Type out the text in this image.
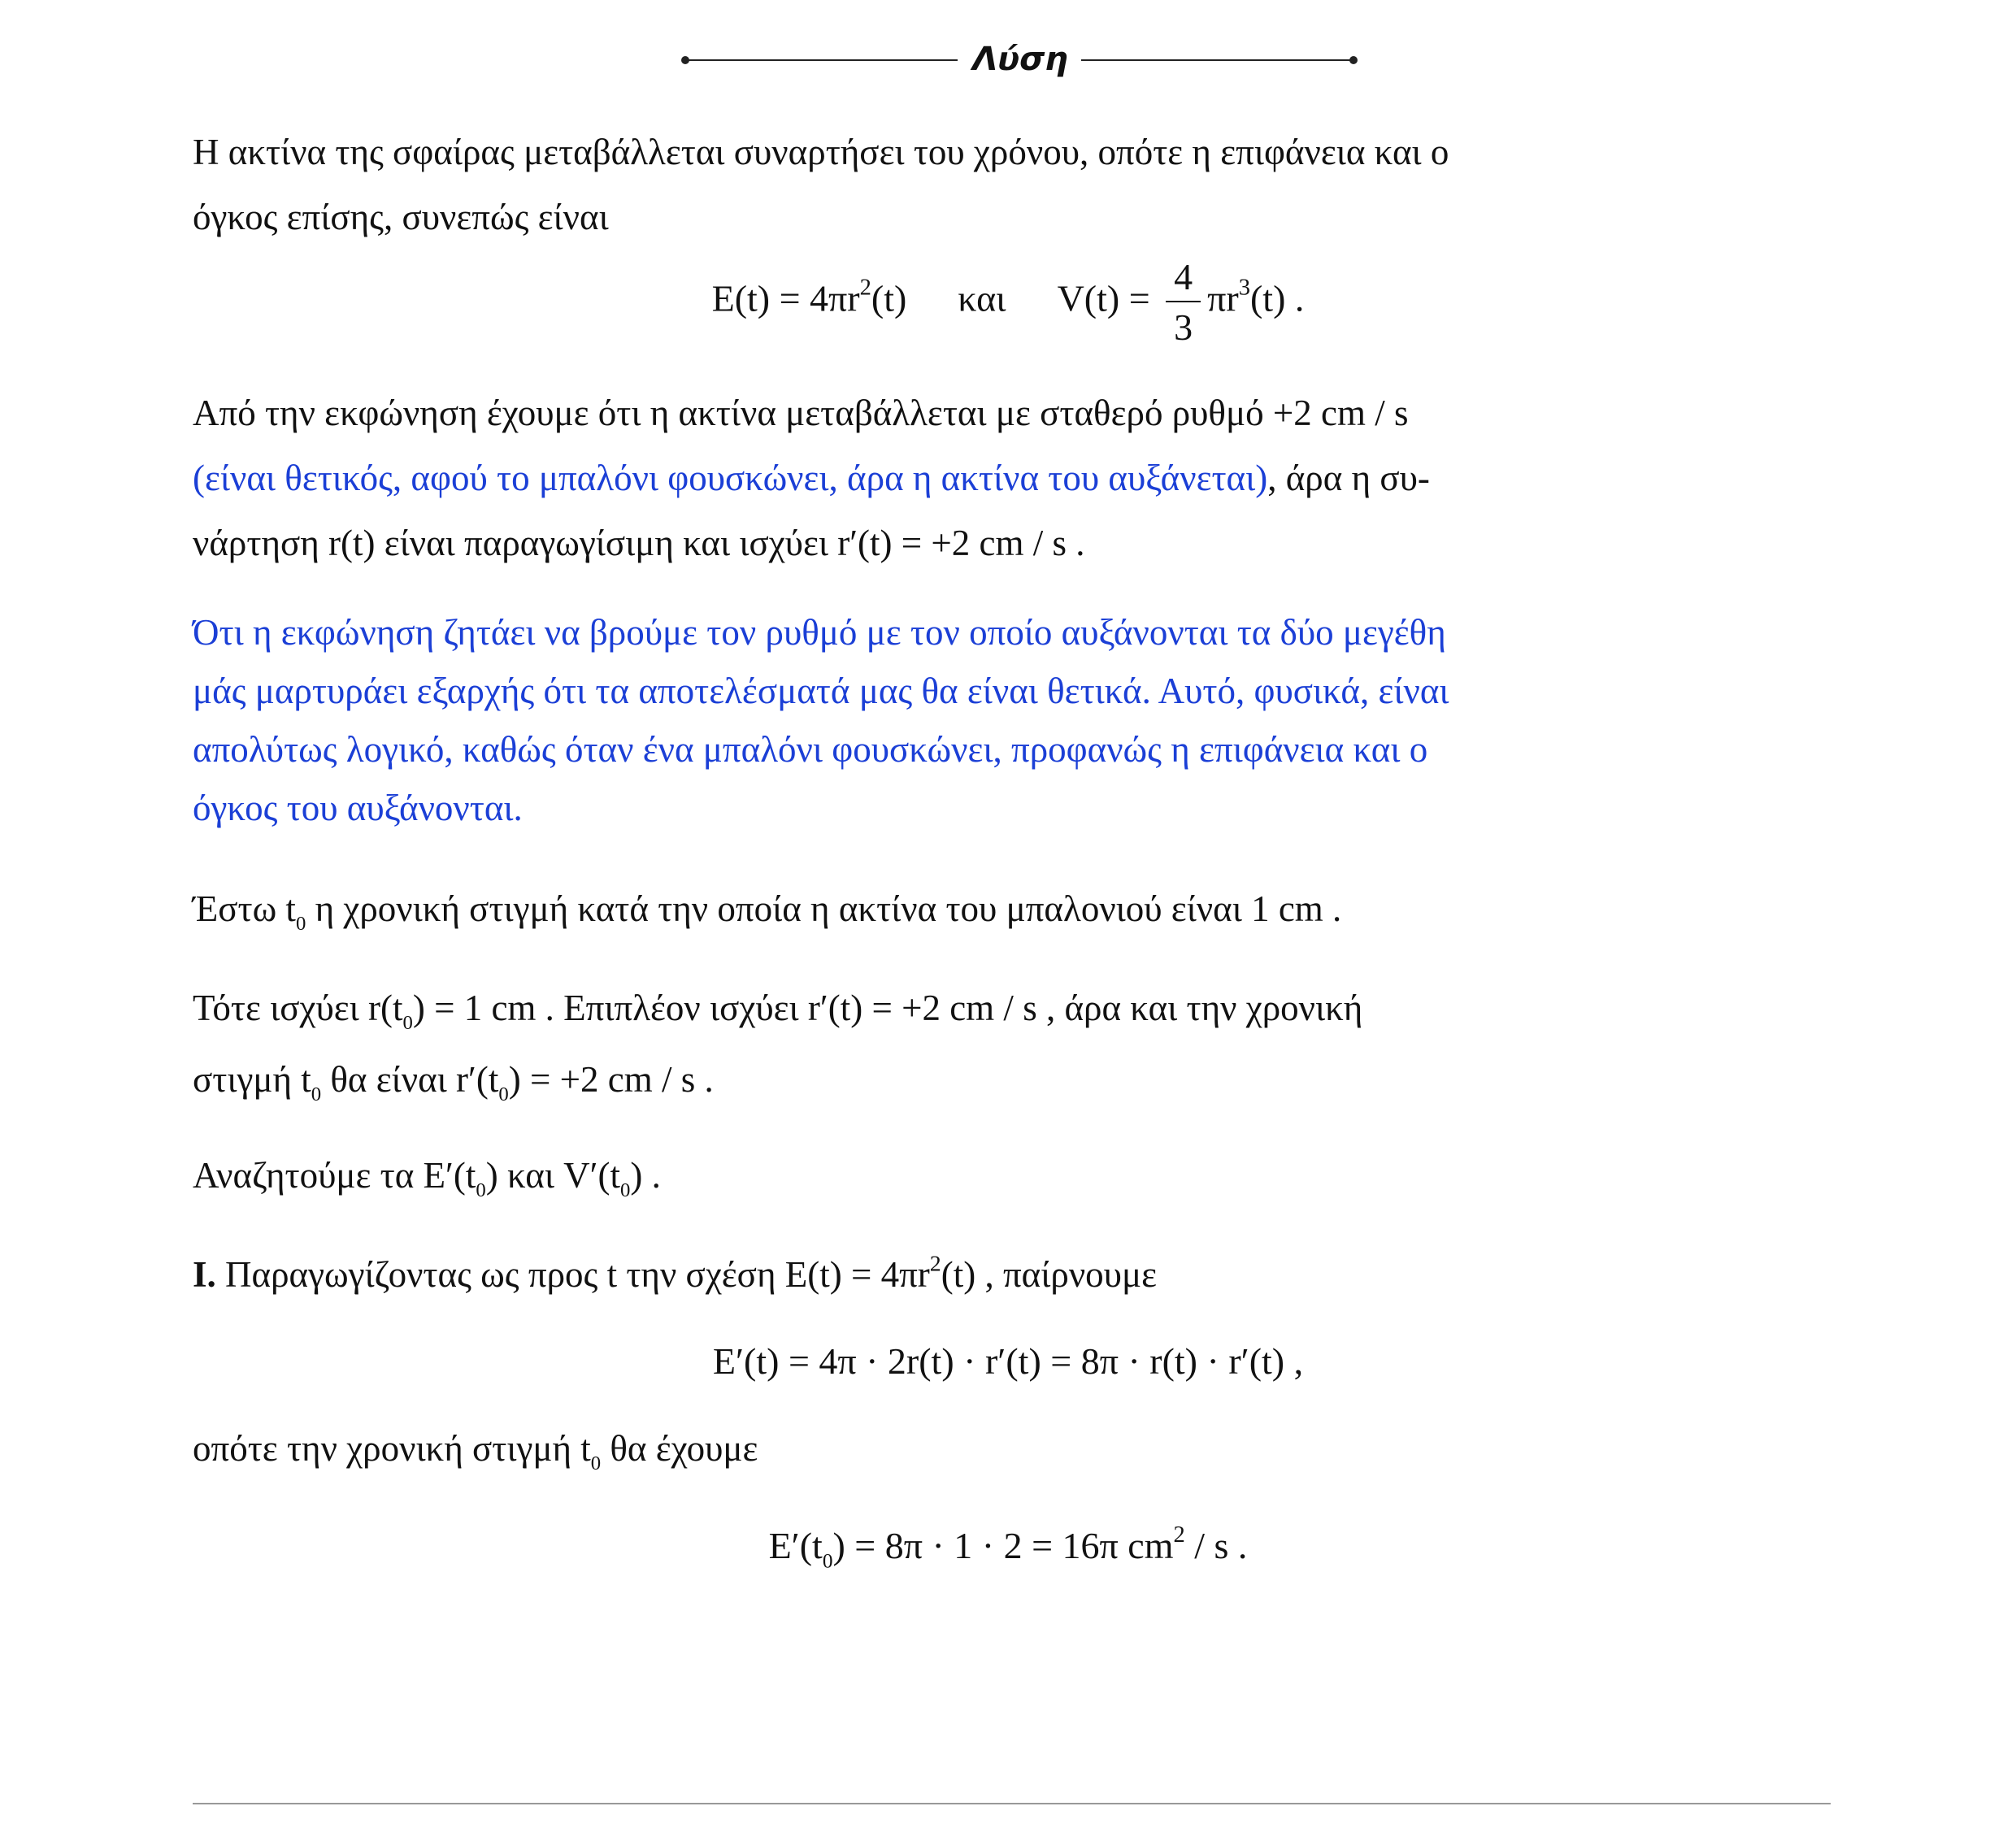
Λύση
Η ακτίνα της σφαίρας μεταβάλλεται συναρτήσει του χρόνου, οπότε η επιφάνεια και ο
όγκος επίσης, συνεπώς είναι
$E(t) = 4\pi r^2(t)$ και $V(t) = \frac{4}{3} \pi r^3(t)$ .
Από την εκφώνηση έχουμε ότι η ακτίνα μεταβάλλεται με σταθερό ρυθμό +2 cm / s
(είναι θετικός, αφού το μπαλόνι φουσκώνει, άρα η ακτίνα του αυξάνεται), άρα η συ-
νάρτηση r(t) είναι παραγωγίσιμη και ισχύει r′(t) = +2 cm / s .
Ότι η εκφώνηση ζητάει να βρούμε τον ρυθμό με τον οποίο αυξάνονται τα δύο μεγέθη
μάς μαρτυράει εξαρχής ότι τα αποτελέσματά μας θα είναι θετικά. Αυτό, φυσικά, είναι
απολύτως λογικό, καθώς όταν ένα μπαλόνι φουσκώνει, προφανώς η επιφάνεια και ο
όγκος του αυξάνονται.
Έστω $t_0$ η χρονική στιγμή κατά την οποία η ακτίνα του μπαλονιού είναι 1 cm .
Τότε ισχύει $r(t_0) = 1$ cm . Επιπλέον ισχύει r′(t) = +2 cm / s , άρα και την χρονική
στιγμή $t_0$ θα είναι $r'(t_0) = +2$ cm / s .
Αναζητούμε τα $E'(t_0)$ και $V'(t_0)$ .
I. Παραγωγίζοντας ως προς t την σχέση $E(t) = 4\pi r^2(t)$ , παίρνουμε
E′(t) = 4π · 2r(t) · r′(t) = 8π · r(t) · r′(t) ,
οπότε την χρονική στιγμή $t_0$ θα έχουμε
$E'(t_0) = 8\pi \cdot 1 \cdot 2 = 16\pi$ $cm^2$ / s .
